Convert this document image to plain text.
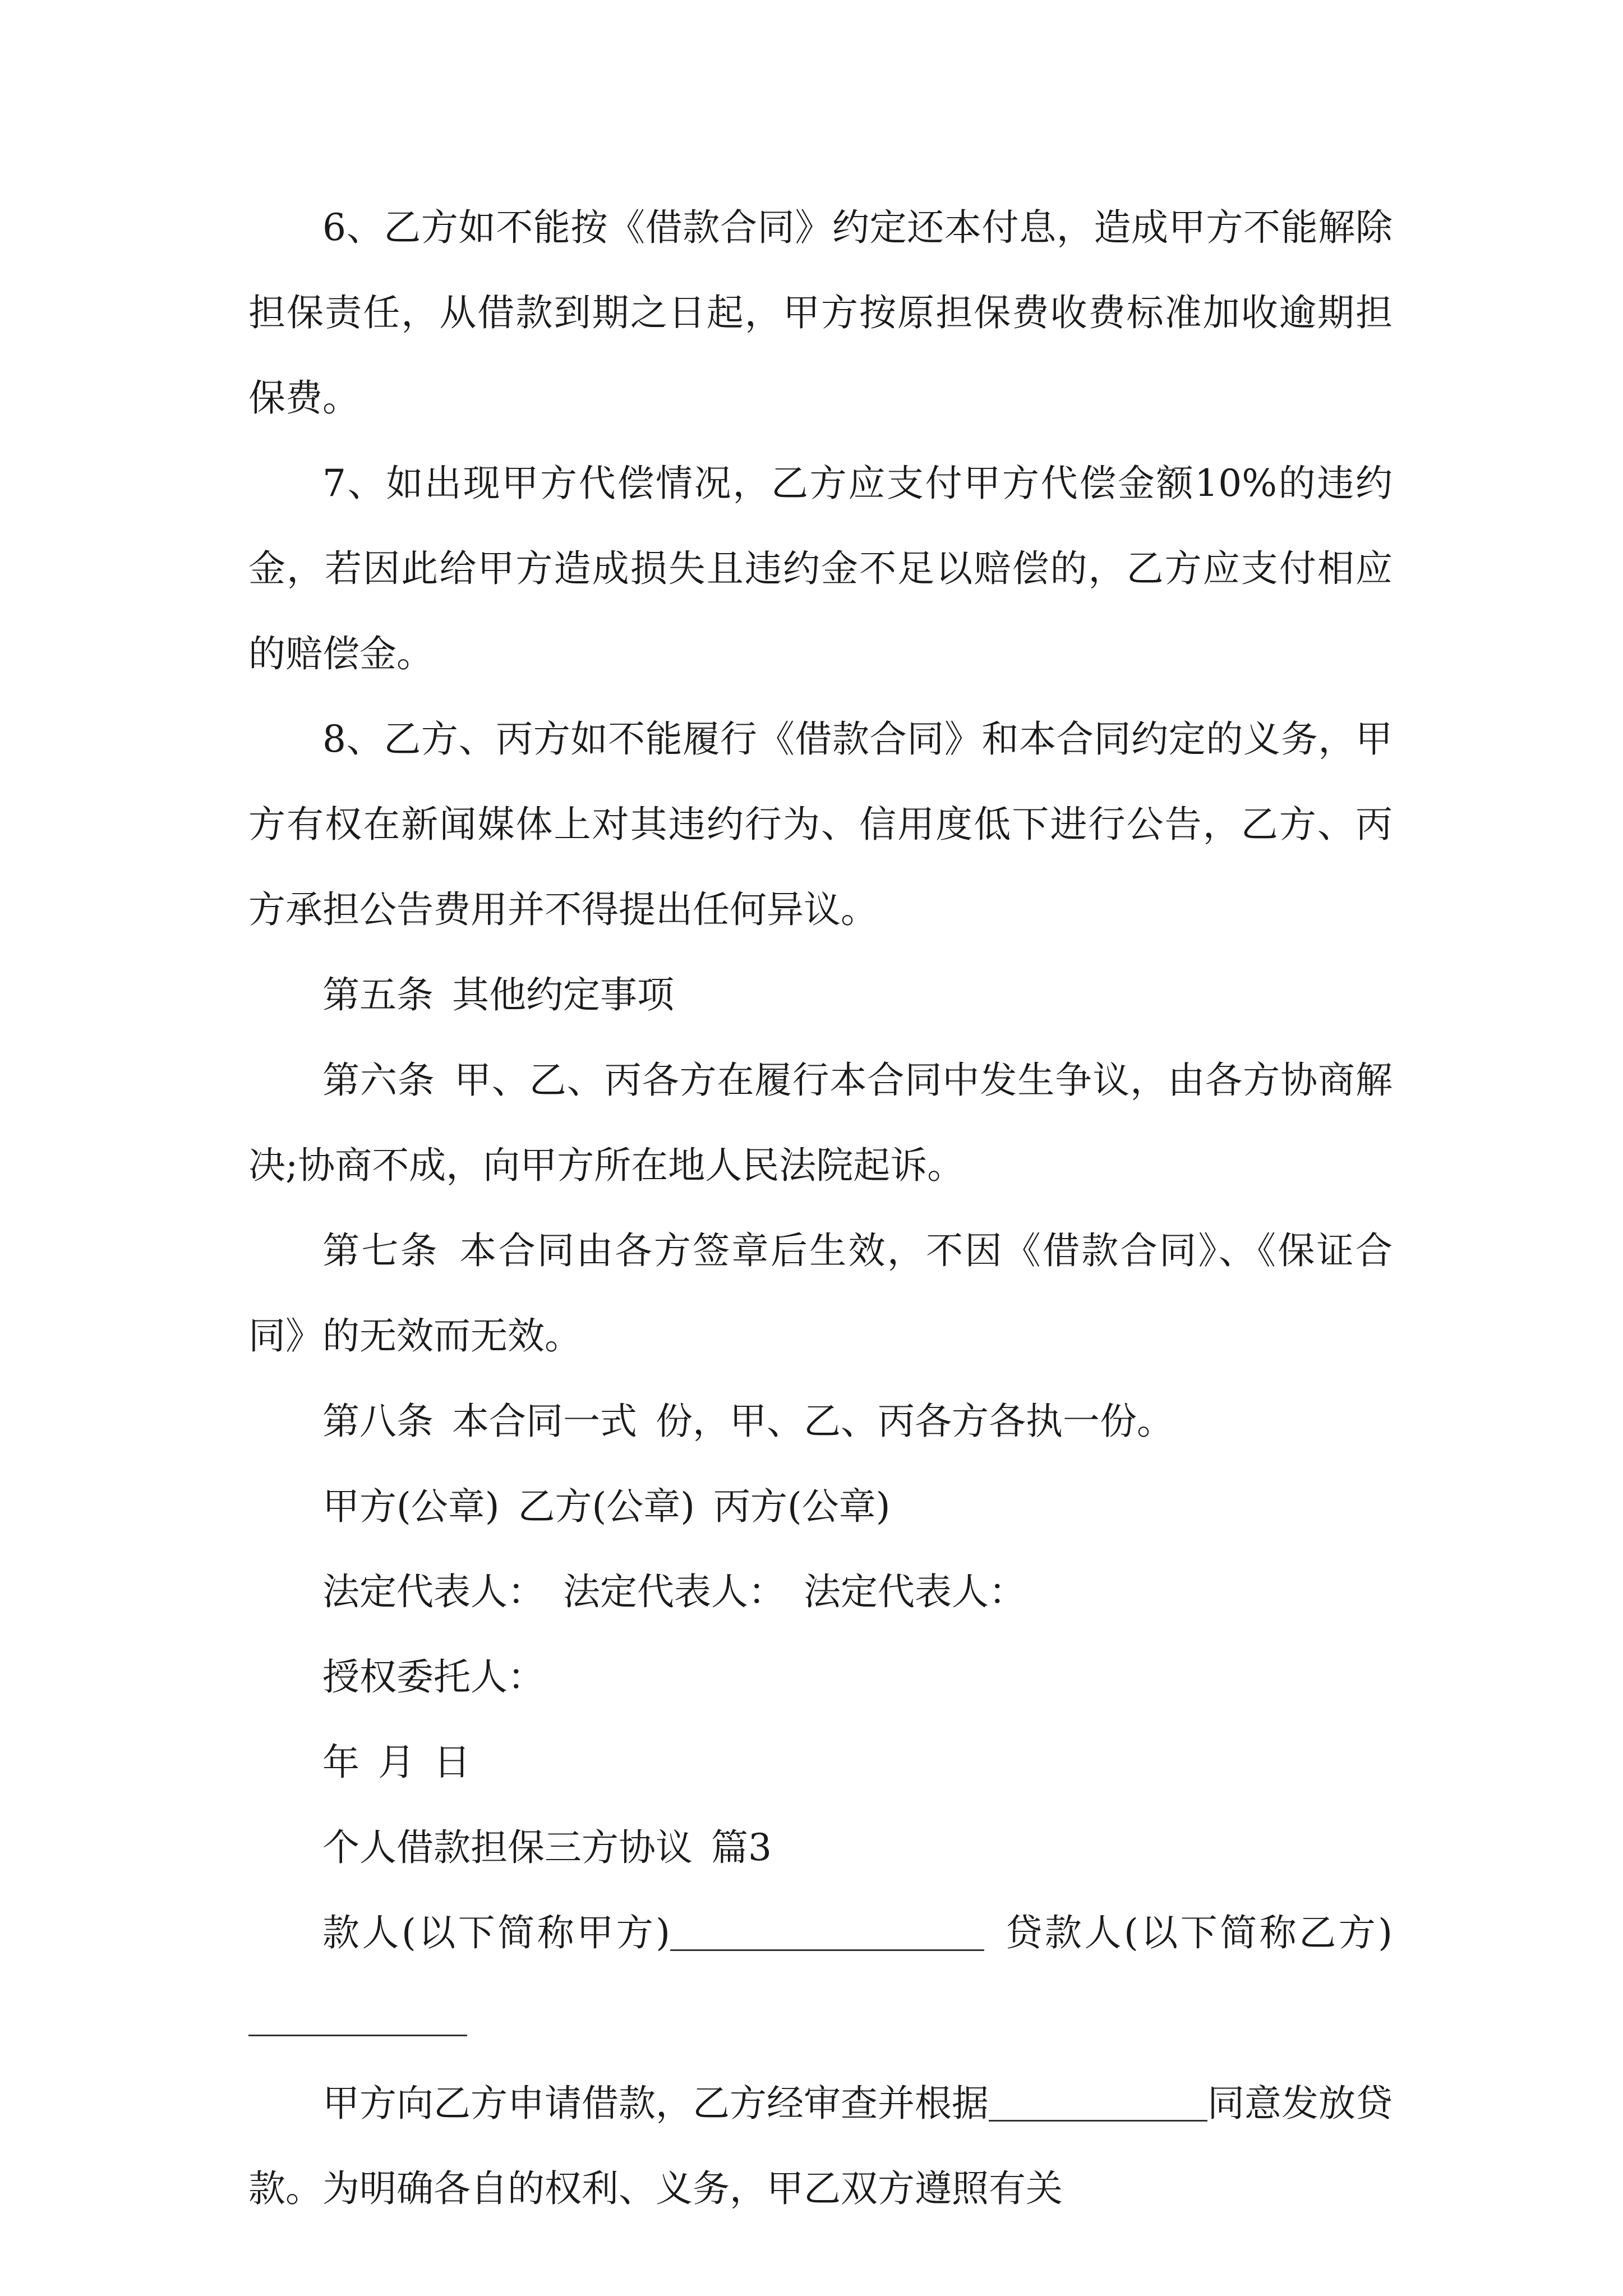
6、乙方如不能按《借款合同》约定还本付息，造成甲方不能解除担保责任，从借款到期之日起，甲方按原担保费收费标准加收逾期担保费。

7、如出现甲方代偿情况，乙方应支付甲方代偿金额10%的违约金，若因此给甲方造成损失且违约金不足以赔偿的，乙方应支付相应的赔偿金。

8、乙方、丙方如不能履行《借款合同》和本合同约定的义务，甲方有权在新闻媒体上对其违约行为、信用度低下进行公告，乙方、丙方承担公告费用并不得提出任何异议。

第五条 其他约定事项

第六条 甲、乙、丙各方在履行本合同中发生争议，由各方协商解决;协商不成，向甲方所在地人民法院起诉。

第七条 本合同由各方签章后生效，不因《借款合同》、《保证合同》的无效而无效。

第八条 本合同一式 份，甲、乙、丙各方各执一份。

甲方(公章) 乙方(公章) 丙方(公章)

法定代表人： 法定代表人： 法定代表人：

授权委托人：

年 月 日

个人借款担保三方协议 篇3

款人(以下简称甲方)	贷款人(以下简称乙方)

甲方向乙方申请借款，乙方经审查并根据	同意发放贷款。为明确各自的权利、义务，甲乙双方遵照有关
